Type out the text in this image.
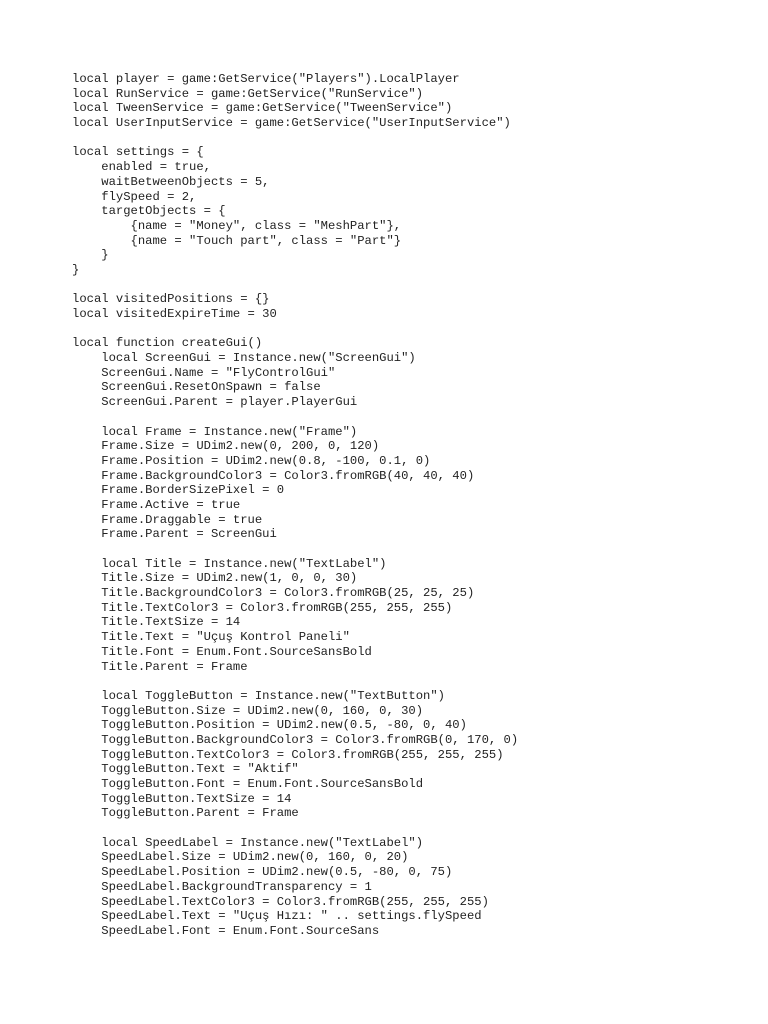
local player = game:GetService("Players").LocalPlayer
local RunService = game:GetService("RunService")
local TweenService = game:GetService("TweenService")
local UserInputService = game:GetService("UserInputService")
local settings = {
enabled = true,
waitBetweenObjects = 5,
flySpeed = 2,
targetObjects = {
{name = "Money", class = "MeshPart"},
{name = "Touch part", class = "Part"}
}
}
local visitedPositions = {}
local visitedExpireTime = 30
local function createGui()
local ScreenGui = Instance.new("ScreenGui")
ScreenGui.Name = "FlyControlGui"
ScreenGui.ResetOnSpawn = false
ScreenGui.Parent = player.PlayerGui
local Frame = Instance.new("Frame")
Frame.Size = UDim2.new(0, 200, 0, 120)
Frame.Position = UDim2.new(0.8, -100, 0.1, 0)
Frame.BackgroundColor3 = Color3.fromRGB(40, 40, 40)
Frame.BorderSizePixel = 0
Frame.Active = true
Frame.Draggable = true
Frame.Parent = ScreenGui
local Title = Instance.new("TextLabel")
Title.Size = UDim2.new(1, 0, 0, 30)
Title.BackgroundColor3 = Color3.fromRGB(25, 25, 25)
Title.TextColor3 = Color3.fromRGB(255, 255, 255)
Title.TextSize = 14
Title.Text = "Uçuş Kontrol Paneli"
Title.Font = Enum.Font.SourceSansBold
Title.Parent = Frame
local ToggleButton = Instance.new("TextButton")
ToggleButton.Size = UDim2.new(0, 160, 0, 30)
ToggleButton.Position = UDim2.new(0.5, -80, 0, 40)
ToggleButton.BackgroundColor3 = Color3.fromRGB(0, 170, 0)
ToggleButton.TextColor3 = Color3.fromRGB(255, 255, 255)
ToggleButton.Text = "Aktif"
ToggleButton.Font = Enum.Font.SourceSansBold
ToggleButton.TextSize = 14
ToggleButton.Parent = Frame
local SpeedLabel = Instance.new("TextLabel")
SpeedLabel.Size = UDim2.new(0, 160, 0, 20)
SpeedLabel.Position = UDim2.new(0.5, -80, 0, 75)
SpeedLabel.BackgroundTransparency = 1
SpeedLabel.TextColor3 = Color3.fromRGB(255, 255, 255)
SpeedLabel.Text = "Uçuş Hızı: " .. settings.flySpeed
SpeedLabel.Font = Enum.Font.SourceSans
